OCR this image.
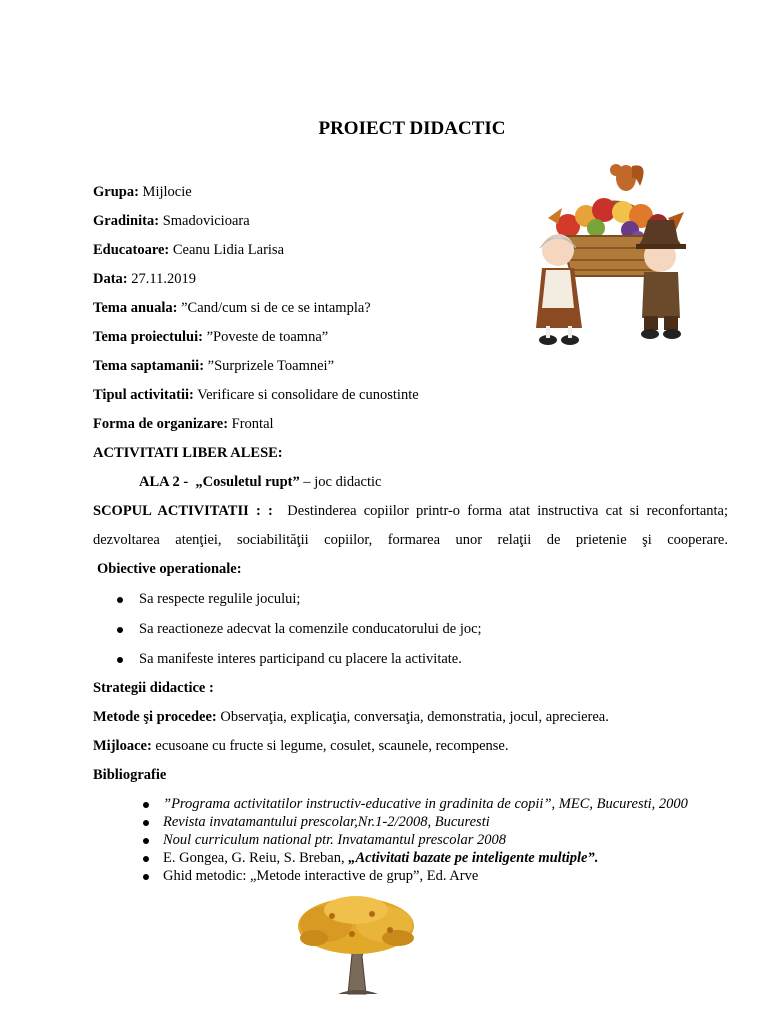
PROIECT DIDACTIC
Grupa: Mijlocie
Gradinita: Smadovicioara
Educatoare: Ceanu Lidia Larisa
Data: 27.11.2019
Tema anuala: ”Cand/cum si de ce se intampla?
Tema proiectului: ”Poveste de toamna”
Tema saptamanii: ”Surprizele Toamnei”
Tipul activitatii: Verificare si consolidare de cunostinte
Forma de organizare: Frontal
ACTIVITATI LIBER ALESE:
ALA 2 - „Cosuletul rupt” – joc didactic
SCOPUL ACTIVITATII : : Destinderea copiilor printr-o forma atat instructiva cat si reconfortanta;
dezvoltarea atenţiei, sociabilităţii copiilor, formarea unor relaţii de prietenie şi cooperare.
Obiective operationale:
Sa respecte regulile jocului;
Sa reactioneze adecvat la comenzile conducatorului de joc;
Sa manifeste interes participand cu placere la activitate.
Strategii didactice :
Metode şi procedee: Observaţia, explicaţia, conversaţia, demonstratia, jocul, aprecierea.
Mijloace: ecusoane cu fructe si legume, cosulet, scaunele, recompense.
Bibliografie
”Programa activitatilor instructiv-educative in gradinita de copii”, MEC, Bucuresti, 2000
Revista invatamantului prescolar,Nr.1-2/2008, Bucuresti
Noul curriculum national ptr. Invatamantul prescolar 2008
E. Gongea, G. Reiu, S. Breban, „Activitati bazate pe inteligente multiple”.
Ghid metodic: „Metode interactive de grup”, Ed. Arve
